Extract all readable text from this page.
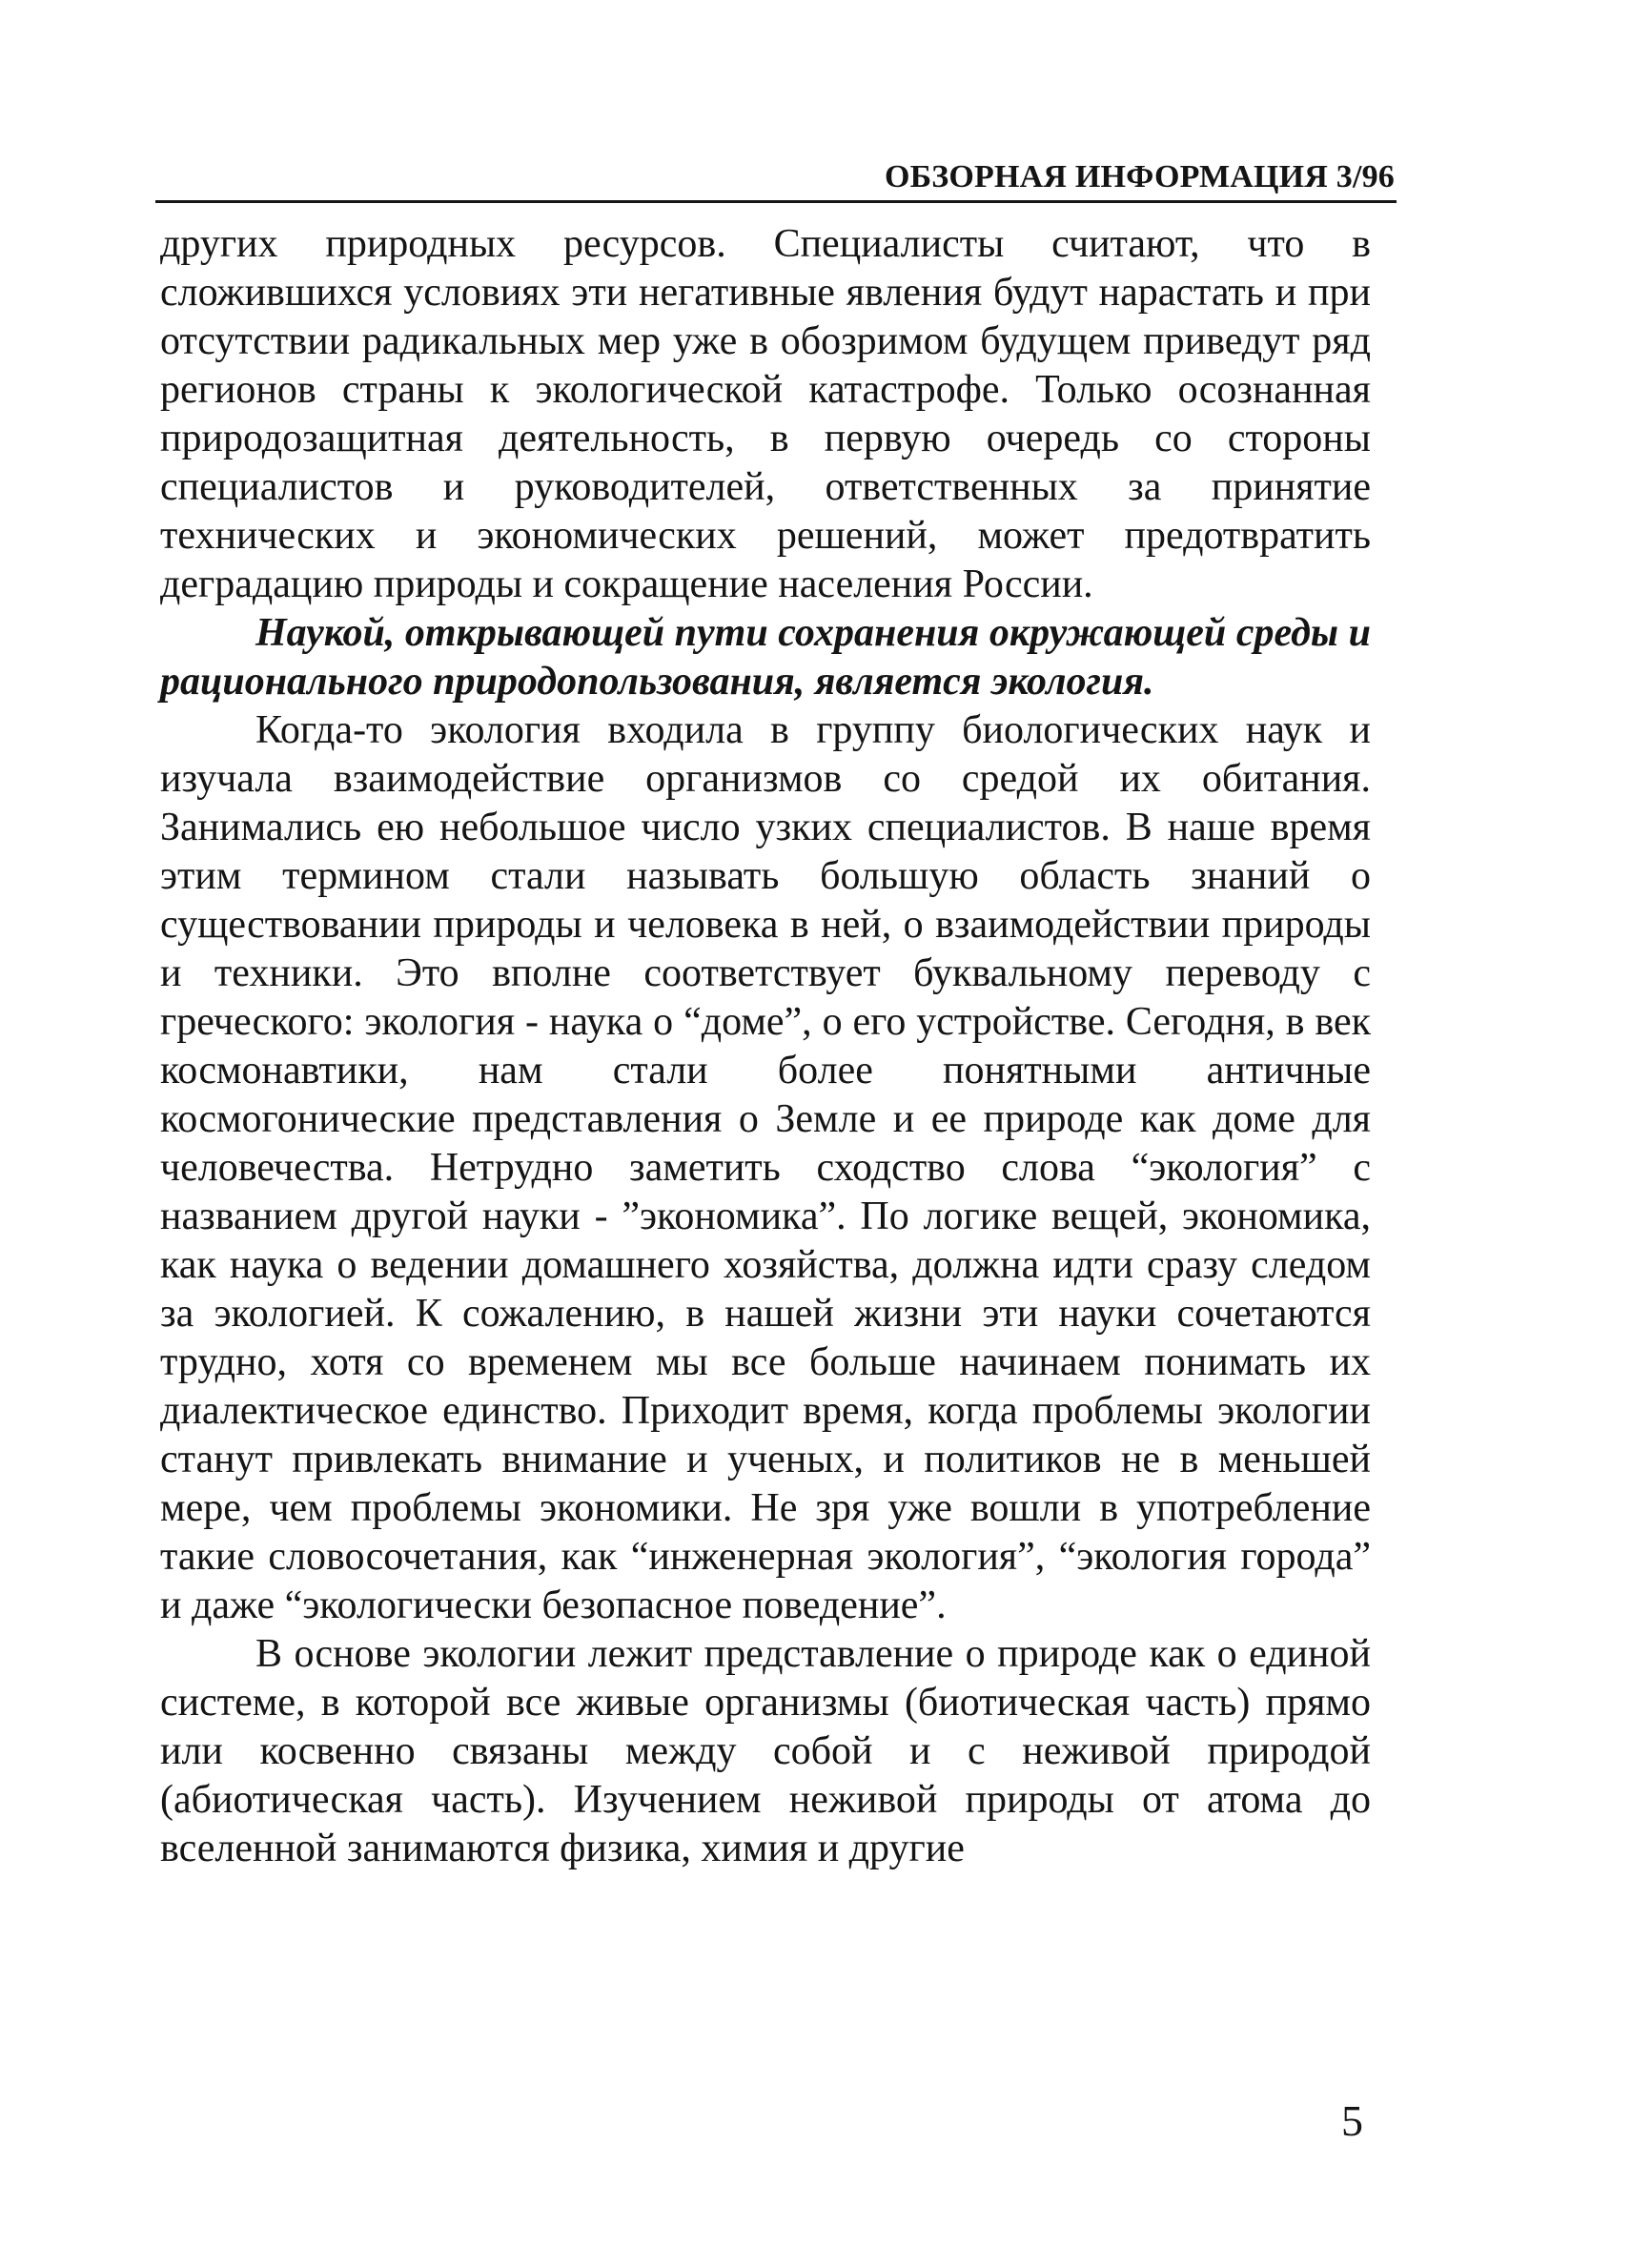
ОБЗОРНАЯ ИНФОРМАЦИЯ 3/96

других природных ресурсов. Специалисты считают, что в сложившихся условиях эти негативные явления будут нарастать и при отсутствии радикальных мер уже в обозримом будущем приведут ряд регионов страны к экологической катастрофе. Только осознанная природозащитная деятельность, в первую очередь со стороны специалистов и руководителей, ответственных за принятие технических и экономических решений, может предотвратить деградацию природы и сокращение населения России.

Наукой, открывающей пути сохранения окружающей среды и рационального природопользования, является экология.

Когда-то экология входила в группу биологических наук и изучала взаимодействие организмов со средой их обитания. Занимались ею небольшое число узких специалистов. В наше время этим термином стали называть большую область знаний о существовании природы и человека в ней, о взаимодействии природы и техники. Это вполне соответствует буквальному переводу с греческого: экология - наука о “доме”, о его устройстве. Сегодня, в век космонавтики, нам стали более понятными античные космогонические представления о Земле и ее природе как доме для человечества. Нетрудно заметить сходство слова “экология” с названием другой науки - ”экономика”. По логике вещей, экономика, как наука о ведении домашнего хозяйства, должна идти сразу следом за экологией. К сожалению, в нашей жизни эти науки сочетаются трудно, хотя со временем мы все больше начинаем понимать их диалектическое единство. Приходит время, когда проблемы экологии станут привлекать внимание и ученых, и политиков не в меньшей мере, чем проблемы экономики. Не зря уже вошли в употребление такие словосочетания, как “инженерная экология”, “экология города” и даже “экологически безопасное поведение”.

В основе экологии лежит представление о природе как о единой системе, в которой все живые организмы (биотическая часть) прямо или косвенно связаны между собой и с неживой природой (абиотическая часть). Изучением неживой природы от атома до вселенной занимаются физика, химия и другие

5
